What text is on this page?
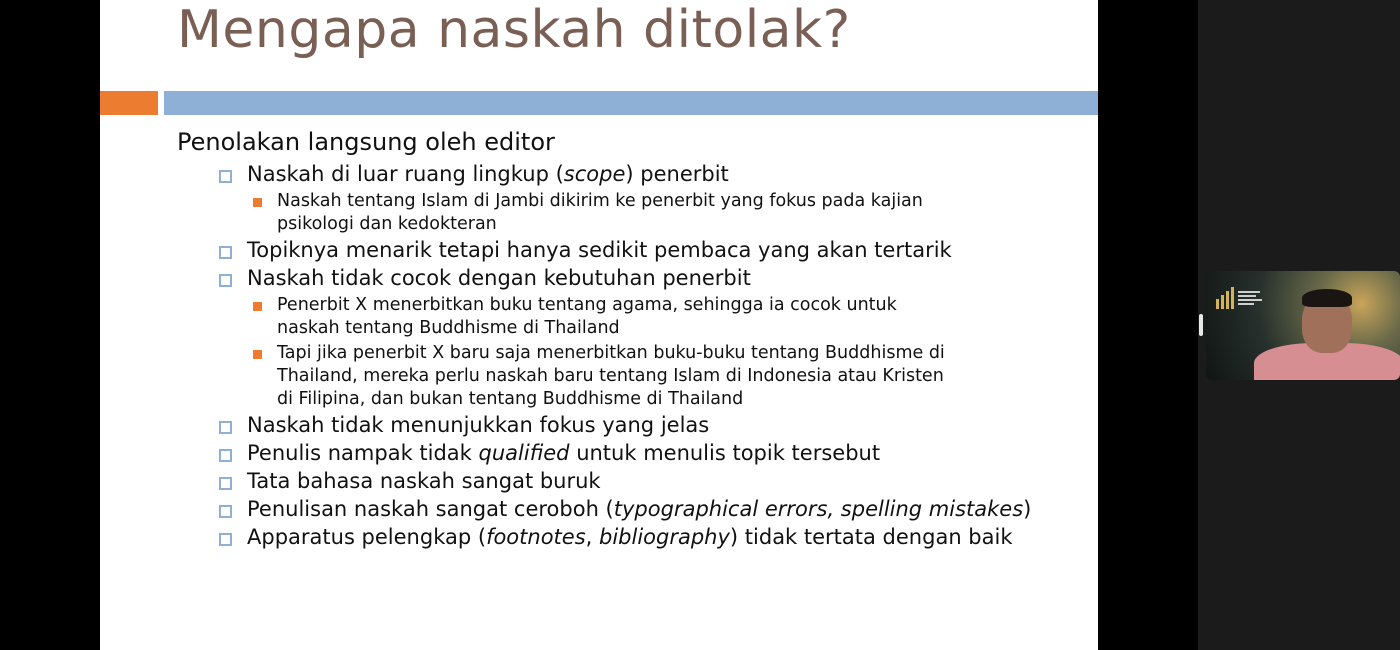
Mengapa naskah ditolak?
Penolakan langsung oleh editor
Naskah di luar ruang lingkup (scope) penerbit
Naskah tentang Islam di Jambi dikirim ke penerbit yang fokus pada kajian psikologi dan kedokteran
Topiknya menarik tetapi hanya sedikit pembaca yang akan tertarik
Naskah tidak cocok dengan kebutuhan penerbit
Penerbit X menerbitkan buku tentang agama, sehingga ia cocok untuk naskah tentang Buddhisme di Thailand
Tapi jika penerbit X baru saja menerbitkan buku-buku tentang Buddhisme di Thailand, mereka perlu naskah baru tentang Islam di Indonesia atau Kristen di Filipina, dan bukan tentang Buddhisme di Thailand
Naskah tidak menunjukkan fokus yang jelas
Penulis nampak tidak qualified untuk menulis topik tersebut
Tata bahasa naskah sangat buruk
Penulisan naskah sangat ceroboh (typographical errors, spelling mistakes)
Apparatus pelengkap (footnotes, bibliography) tidak tertata dengan baik
